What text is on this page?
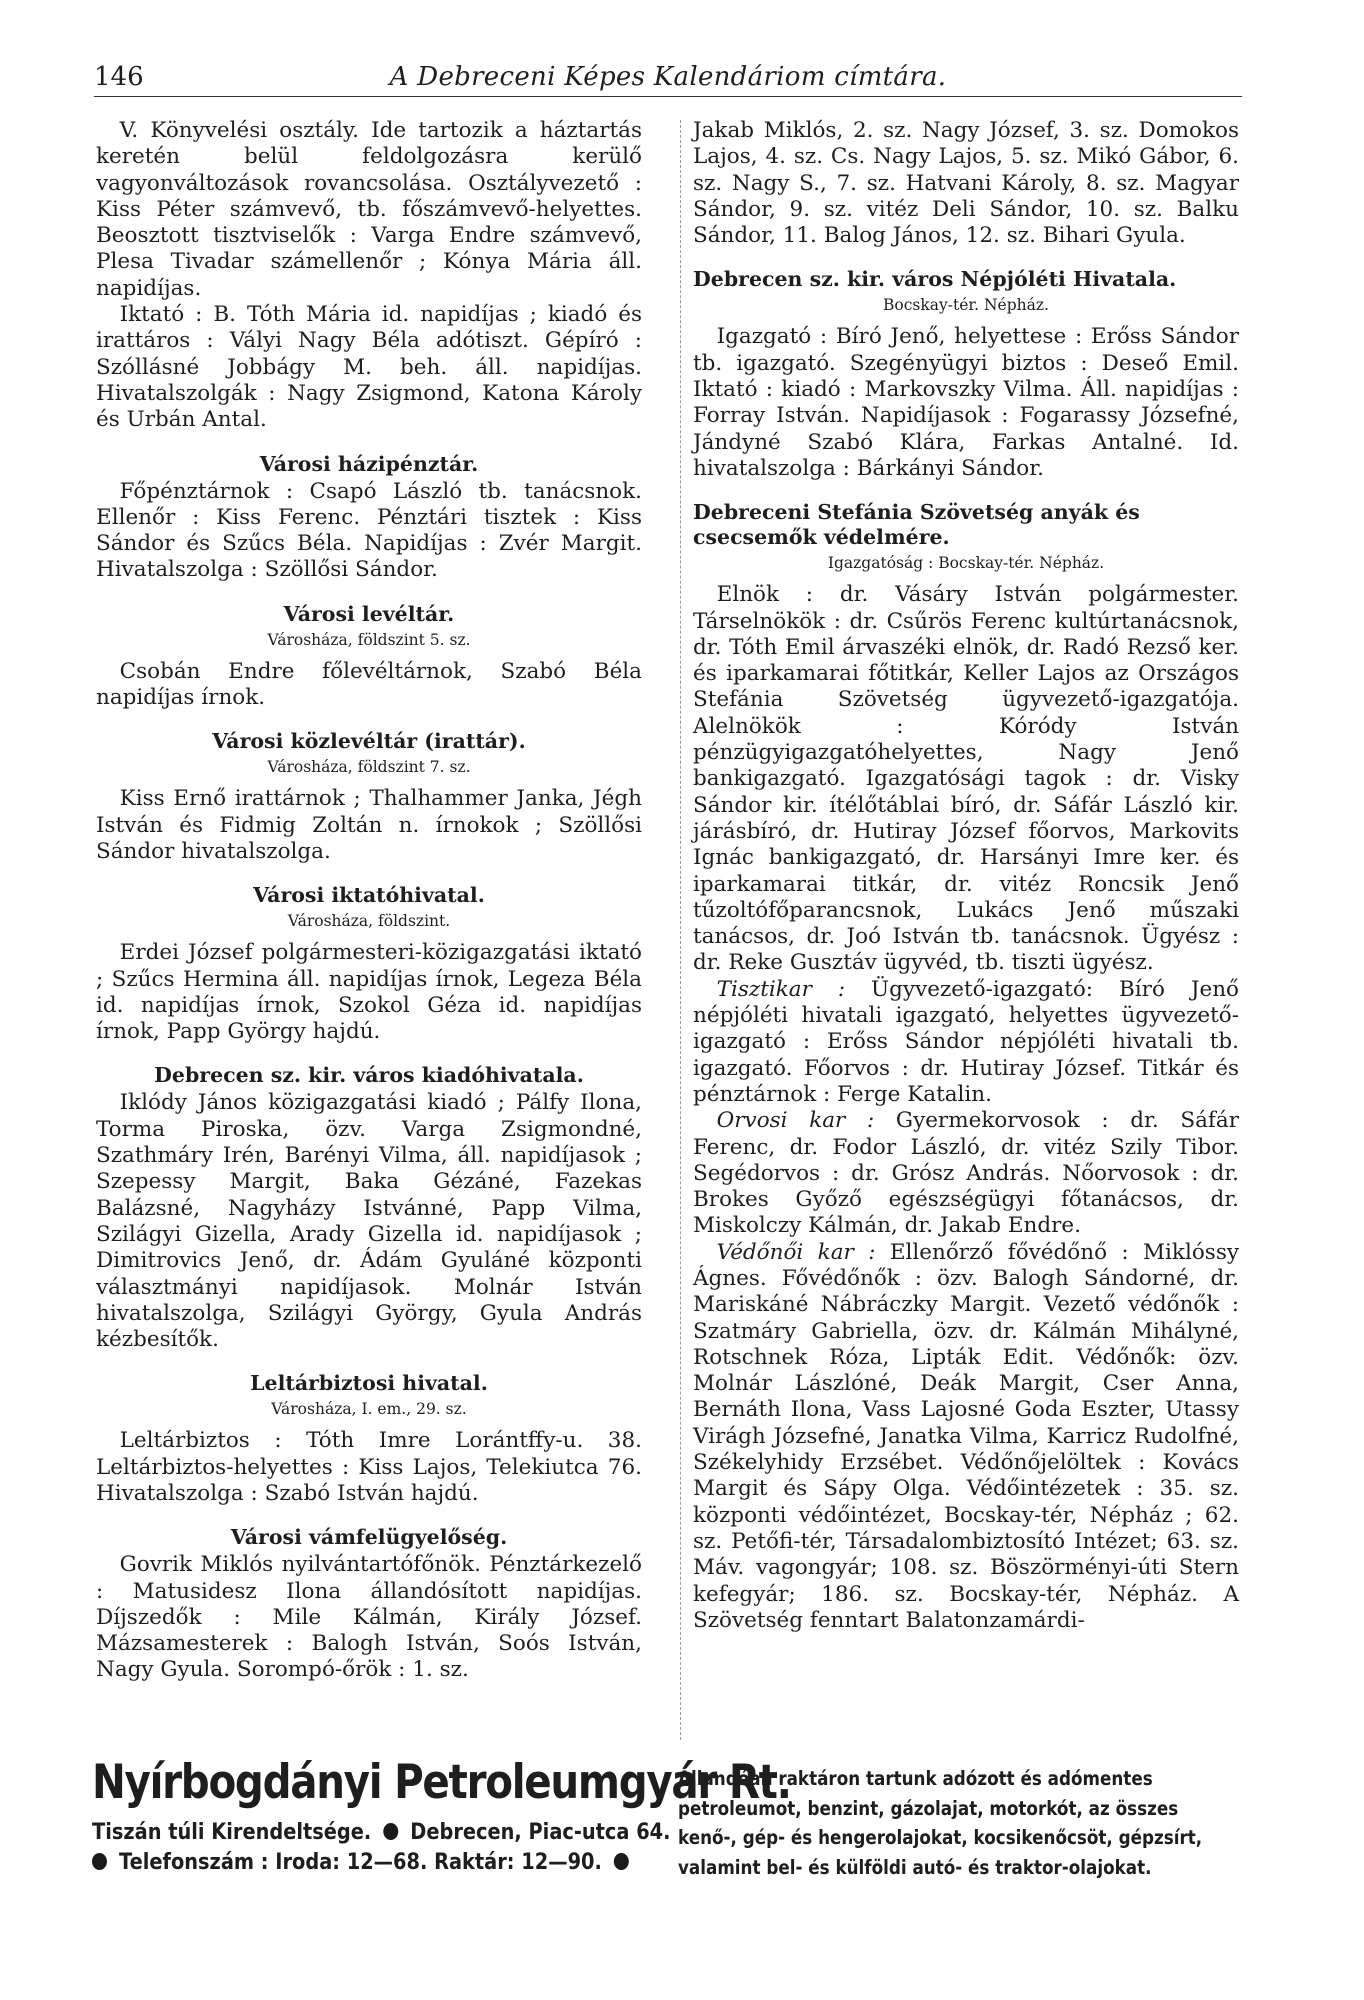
146	A Debreceni Képes Kalendáriom címtára.

V. Könyvelési osztály. Ide tartozik a háztartás keretén belül feldolgozásra kerülő vagyonváltozások rovancsolása. Osztályvezető : Kiss Péter számvevő, tb. főszámvevő-helyettes. Beosztott tisztviselők : Varga Endre számvevő, Plesa Tivadar számellenőr ; Kónya Mária áll. napidíjas.

Iktató : B. Tóth Mária id. napidíjas ; kiadó és irattáros : Vályi Nagy Béla adótiszt. Gépíró : Szóllásné Jobbágy M. beh. áll. napidíjas. Hivatalszolgák : Nagy Zsigmond, Katona Károly és Urbán Antal.

Városi házipénztár.

Főpénztárnok : Csapó László tb. tanácsnok. Ellenőr : Kiss Ferenc. Pénztári tisztek : Kiss Sándor és Szűcs Béla. Napidíjas : Zvér Margit. Hivatalszolga : Szöllősi Sándor.

Városi levéltár.
Városháza, földszint 5. sz.

Csobán Endre főlevéltárnok, Szabó Béla napidíjas írnok.

Városi közlevéltár (irattár).
Városháza, földszint 7. sz.

Kiss Ernő irattárnok ; Thalhammer Janka, Jégh István és Fidmig Zoltán n. írnokok ; Szöllősi Sándor hivatalszolga.

Városi iktatóhivatal.
Városháza, földszint.

Erdei József polgármesteri-közigazgatási iktató ; Szűcs Hermina áll. napidíjas írnok, Legeza Béla id. napidíjas írnok, Szokol Géza id. napidíjas írnok, Papp György hajdú.

Debrecen sz. kir. város kiadóhivatala.

Iklódy János közigazgatási kiadó ; Pálfy Ilona, Torma Piroska, özv. Varga Zsigmondné, Szathmáry Irén, Barényi Vilma, áll. napidíjasok ; Szepessy Margit, Baka Gézáné, Fazekas Balázsné, Nagyházy Istvánné, Papp Vilma, Szilágyi Gizella, Arady Gizella id. napidíjasok ; Dimitrovics Jenő, dr. Ádám Gyuláné központi választmányi napidíjasok. Molnár István hivatalszolga, Szilágyi György, Gyula András kézbesítők.

Leltárbiztosi hivatal.
Városháza, I. em., 29. sz.

Leltárbiztos : Tóth Imre Lorántffy-u. 38. Leltárbiztos-helyettes : Kiss Lajos, Telekiutca 76. Hivatalszolga : Szabó István hajdú.

Városi vámfelügyelőség.

Govrik Miklós nyilvántartófőnök. Pénztárkezelő : Matusidesz Ilona állandósított napidíjas. Díjszedők : Mile Kálmán, Király József. Mázsamesterek : Balogh István, Soós István, Nagy Gyula. Sorompó-őrök : 1. sz.

Jakab Miklós, 2. sz. Nagy József, 3. sz. Domokos Lajos, 4. sz. Cs. Nagy Lajos, 5. sz. Mikó Gábor, 6. sz. Nagy S., 7. sz. Hatvani Károly, 8. sz. Magyar Sándor, 9. sz. vitéz Deli Sándor, 10. sz. Balku Sándor, 11. Balog János, 12. sz. Bihari Gyula.

Debrecen sz. kir. város Népjóléti Hivatala.
Bocskay-tér. Népház.

Igazgató : Bíró Jenő, helyettese : Erőss Sándor tb. igazgató. Szegényügyi biztos : Deseő Emil. Iktató : kiadó : Markovszky Vilma. Áll. napidíjas : Forray István. Napidíjasok : Fogarassy Józsefné, Jándyné Szabó Klára, Farkas Antalné. Id. hivatalszolga : Bárkányi Sándor.

Debreceni Stefánia Szövetség anyák és csecsemők védelmére.
Igazgatóság : Bocskay-tér. Népház.

Elnök : dr. Vásáry István polgármester. Társelnökök : dr. Csűrös Ferenc kultúrtanácsnok, dr. Tóth Emil árvaszéki elnök, dr. Radó Rezső ker. és iparkamarai főtitkár, Keller Lajos az Országos Stefánia Szövetség ügyvezető-igazgatója. Alelnökök : Kóródy István pénzügyigazgatóhelyettes, Nagy Jenő bankigazgató. Igazgatósági tagok : dr. Visky Sándor kir. ítélőtáblai bíró, dr. Sáfár László kir. járásbíró, dr. Hutiray József főorvos, Markovits Ignác bankigazgató, dr. Harsányi Imre ker. és iparkamarai titkár, dr. vitéz Roncsik Jenő tűzoltófőparancsnok, Lukács Jenő műszaki tanácsos, dr. Joó István tb. tanácsnok. Ügyész : dr. Reke Gusztáv ügyvéd, tb. tiszti ügyész.

Tisztikar : Ügyvezető-igazgató: Bíró Jenő népjóléti hivatali igazgató, helyettes ügyvezető-igazgató : Erőss Sándor népjóléti hivatali tb. igazgató. Főorvos : dr. Hutiray József. Titkár és pénztárnok : Ferge Katalin.

Orvosi kar : Gyermekorvosok : dr. Sáfár Ferenc, dr. Fodor László, dr. vitéz Szily Tibor. Segédorvos : dr. Grósz András. Nőorvosok : dr. Brokes Győző egészségügyi főtanácsos, dr. Miskolczy Kálmán, dr. Jakab Endre.

Védőnői kar : Ellenőrző fővédőnő : Miklóssy Ágnes. Fővédőnők : özv. Balogh Sándorné, dr. Mariskáné Nábráczky Margit. Vezető védőnők : Szatmáry Gabriella, özv. dr. Kálmán Mihályné, Rotschnek Róza, Lipták Edit. Védőnők: özv. Molnár Lászlóné, Deák Margit, Cser Anna, Bernáth Ilona, Vass Lajosné Goda Eszter, Utassy Virágh Józsefné, Janatka Vilma, Karricz Rudolfné, Székelyhidy Erzsébet. Védőnőjelöltek : Kovács Margit és Sápy Olga. Védőintézetek : 35. sz. központi védőintézet, Bocskay-tér, Népház ; 62. sz. Petőfi-tér, Társadalombiztosító Intézet; 63. sz. Máv. vagongyár; 108. sz. Böszörményi-úti Stern kefegyár; 186. sz. Bocskay-tér, Népház. A Szövetség fenntart Balatonzamárdi-

Nyírbogdányi Petroleumgyár Rt.
Tiszán túli Kirendeltsége. Debrecen, Piac-utca 64.
Telefonszám : Iroda: 12—68. Raktár: 12—90.
Állandóan raktáron tartunk adózott és adómentes
petroleumot, benzint, gázolajat, motorkót, az összes
kenő-, gép- és hengerolajokat, kocsikenőcsöt, gépzsírt,
valamint bel- és külföldi autó- és traktor-olajokat.
